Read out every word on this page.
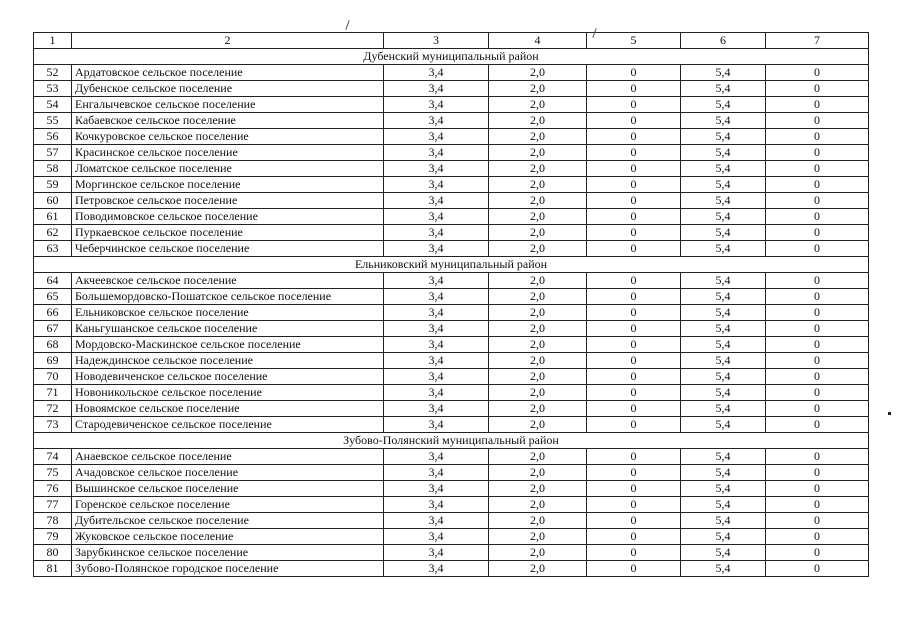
1	2	3	4	5	6	7
Дубенский муниципальный район						
52	Ардатовское сельское поселение	3,4	2,0	0	5,4	0
53	Дубенское сельское поселение	3,4	2,0	0	5,4	0
54	Енгалычевское сельское поселение	3,4	2,0	0	5,4	0
55	Кабаевское сельское поселение	3,4	2,0	0	5,4	0
56	Кочкуровское сельское поселение	3,4	2,0	0	5,4	0
57	Красинское сельское поселение	3,4	2,0	0	5,4	0
58	Ломатское сельское поселение	3,4	2,0	0	5,4	0
59	Моргинское сельское поселение	3,4	2,0	0	5,4	0
60	Петровское сельское поселение	3,4	2,0	0	5,4	0
61	Поводимовское сельское поселение	3,4	2,0	0	5,4	0
62	Пуркаевское сельское поселение	3,4	2,0	0	5,4	0
63	Чеберчинское сельское поселение	3,4	2,0	0	5,4	0
Ельниковский муниципальный район						
64	Акчеевское сельское поселение	3,4	2,0	0	5,4	0
65	Большемордовско-Пошатское сельское поселение	3,4	2,0	0	5,4	0
66	Ельниковское сельское поселение	3,4	2,0	0	5,4	0
67	Каньгушанское сельское поселение	3,4	2,0	0	5,4	0
68	Мордовско-Маскинское сельское поселение	3,4	2,0	0	5,4	0
69	Надеждинское сельское поселение	3,4	2,0	0	5,4	0
70	Новодевиченское сельское поселение	3,4	2,0	0	5,4	0
71	Новоникольское сельское поселение	3,4	2,0	0	5,4	0
72	Новоямское сельское поселение	3,4	2,0	0	5,4	0
73	Стародевиченское сельское поселение	3,4	2,0	0	5,4	0
Зубово-Полянский муниципальный район						
74	Анаевское сельское поселение	3,4	2,0	0	5,4	0
75	Ачадовское сельское поселение	3,4	2,0	0	5,4	0
76	Вышинское сельское поселение	3,4	2,0	0	5,4	0
77	Горенское сельское поселение	3,4	2,0	0	5,4	0
78	Дубительское сельское поселение	3,4	2,0	0	5,4	0
79	Жуковское сельское поселение	3,4	2,0	0	5,4	0
80	Зарубкинское сельское поселение	3,4	2,0	0	5,4	0
81	Зубово-Полянское городское поселение	3,4	2,0	0	5,4	0
